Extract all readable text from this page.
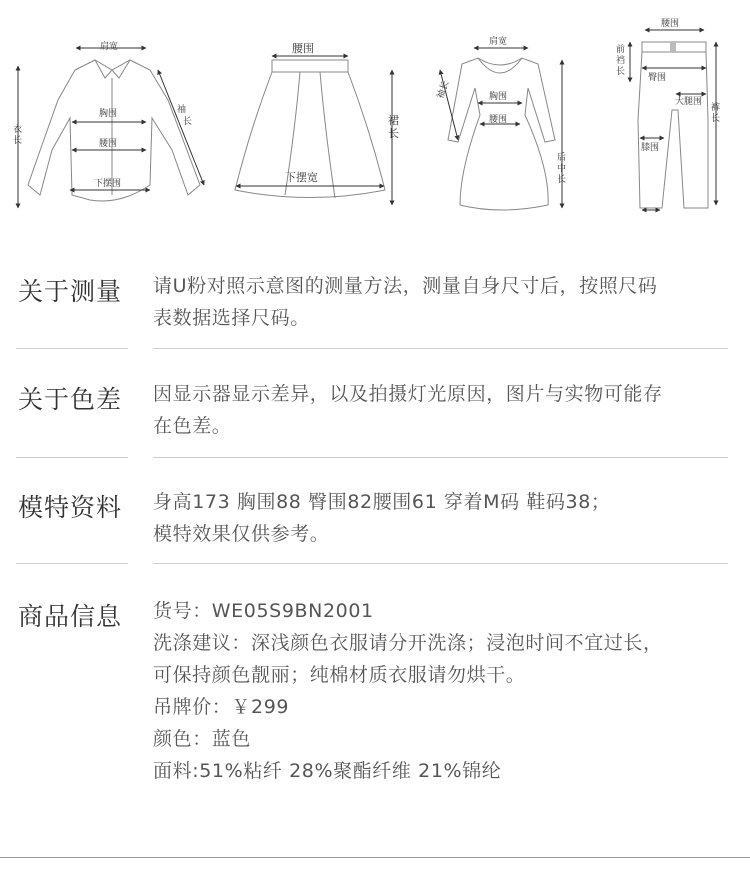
肩宽
衣
长
胸围
腰围
下摆围
袖
长
腰围
裙
长
下摆宽
肩宽
袖长	胸围
腰围
后
中
长
腰围
前
裆
长
臀围
大腿围
裤
长
膝围
关于测量 请U粉对照示意图的测量方法，测量自身尺寸后，按照尺码
表数据选择尺码。
关于色差 因显示器显示差异，以及拍摄灯光原因，图片与实物可能存
在色差。
模特资料 身高173 胸围88 臀围82腰围61 穿着M码 鞋码38；
模特效果仅供参考。
商品信息 货号：WE05S9BN2001
洗涤建议：深浅颜色衣服请分开洗涤；浸泡时间不宜过长，
可保持颜色靓丽；纯棉材质衣服请勿烘干。
吊牌价：￥299
颜色：蓝色
面料:51%粘纤 28%聚酯纤维 21%锦纶
